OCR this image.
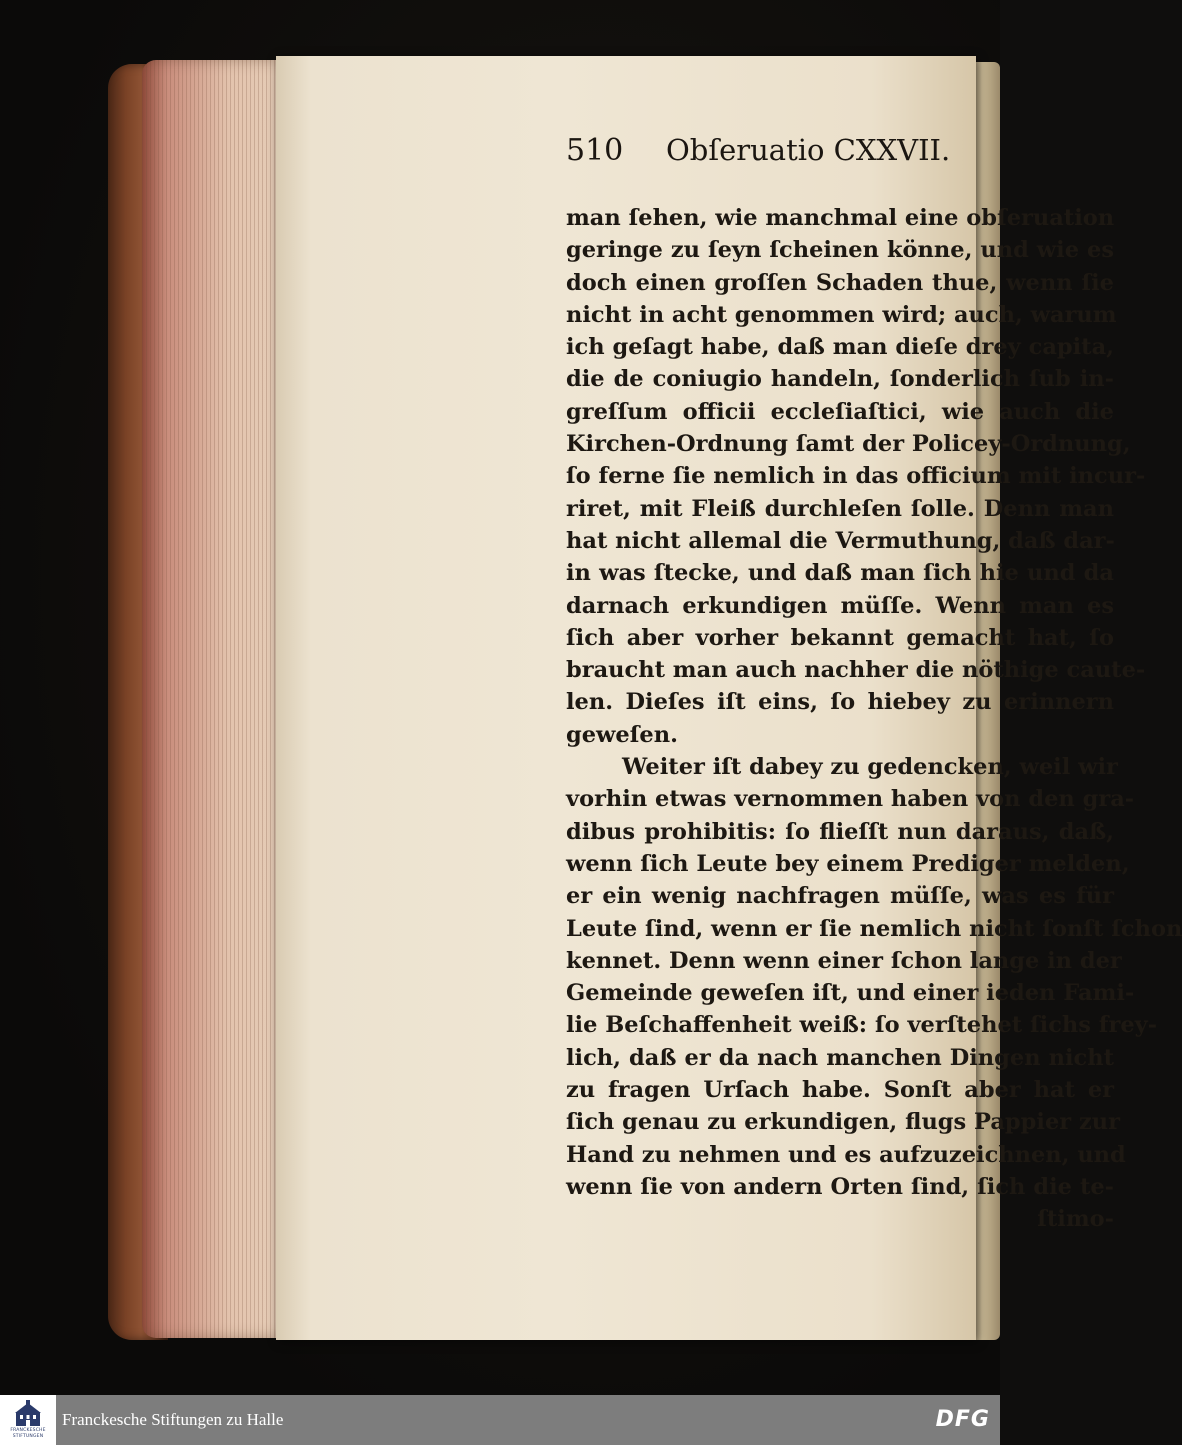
510 Obſeruatio CXXVII.
man ſehen, wie manchmal eine obſeruation
geringe zu ſeyn ſcheinen könne, und wie es
doch einen groſſen Schaden thue, wenn ſie
nicht in acht genommen wird; auch, warum
ich geſagt habe, daß man dieſe drey capita,
die de coniugio handeln, ſonderlich ſub in-
greſſum officii eccleſiaſtici, wie auch die
Kirchen-Ordnung ſamt der Policey-Ordnung,
ſo ferne ſie nemlich in das officium mit incur-
riret, mit Fleiß durchleſen ſolle. Denn man
hat nicht allemal die Vermuthung, daß dar-
in was ſtecke, und daß man ſich hie und da
darnach erkundigen müſſe. Wenn man es
ſich aber vorher bekannt gemacht hat, ſo
braucht man auch nachher die nöthige caute-
len. Dieſes iſt eins, ſo hiebey zu erinnern
geweſen.
Weiter iſt dabey zu gedencken, weil wir
vorhin etwas vernommen haben von den gra-
dibus prohibitis: ſo flieſſt nun daraus, daß,
wenn ſich Leute bey einem Prediger melden,
er ein wenig nachfragen müſſe, was es für
Leute ſind, wenn er ſie nemlich nicht ſonſt ſchon
kennet. Denn wenn einer ſchon lange in der
Gemeinde geweſen iſt, und einer ieden Fami-
lie Beſchaffenheit weiß: ſo verſtehet ſichs frey-
lich, daß er da nach manchen Dingen nicht
zu fragen Urſach habe. Sonſt aber hat er
ſich genau zu erkundigen, flugs Pappier zur
Hand zu nehmen und es aufzuzeichnen, und
wenn ſie von andern Orten ſind, ſich die te-
ſtimo-
FRANCKESCHE
STIFTUNGEN
Franckesche Stiftungen zu Halle	DFG
